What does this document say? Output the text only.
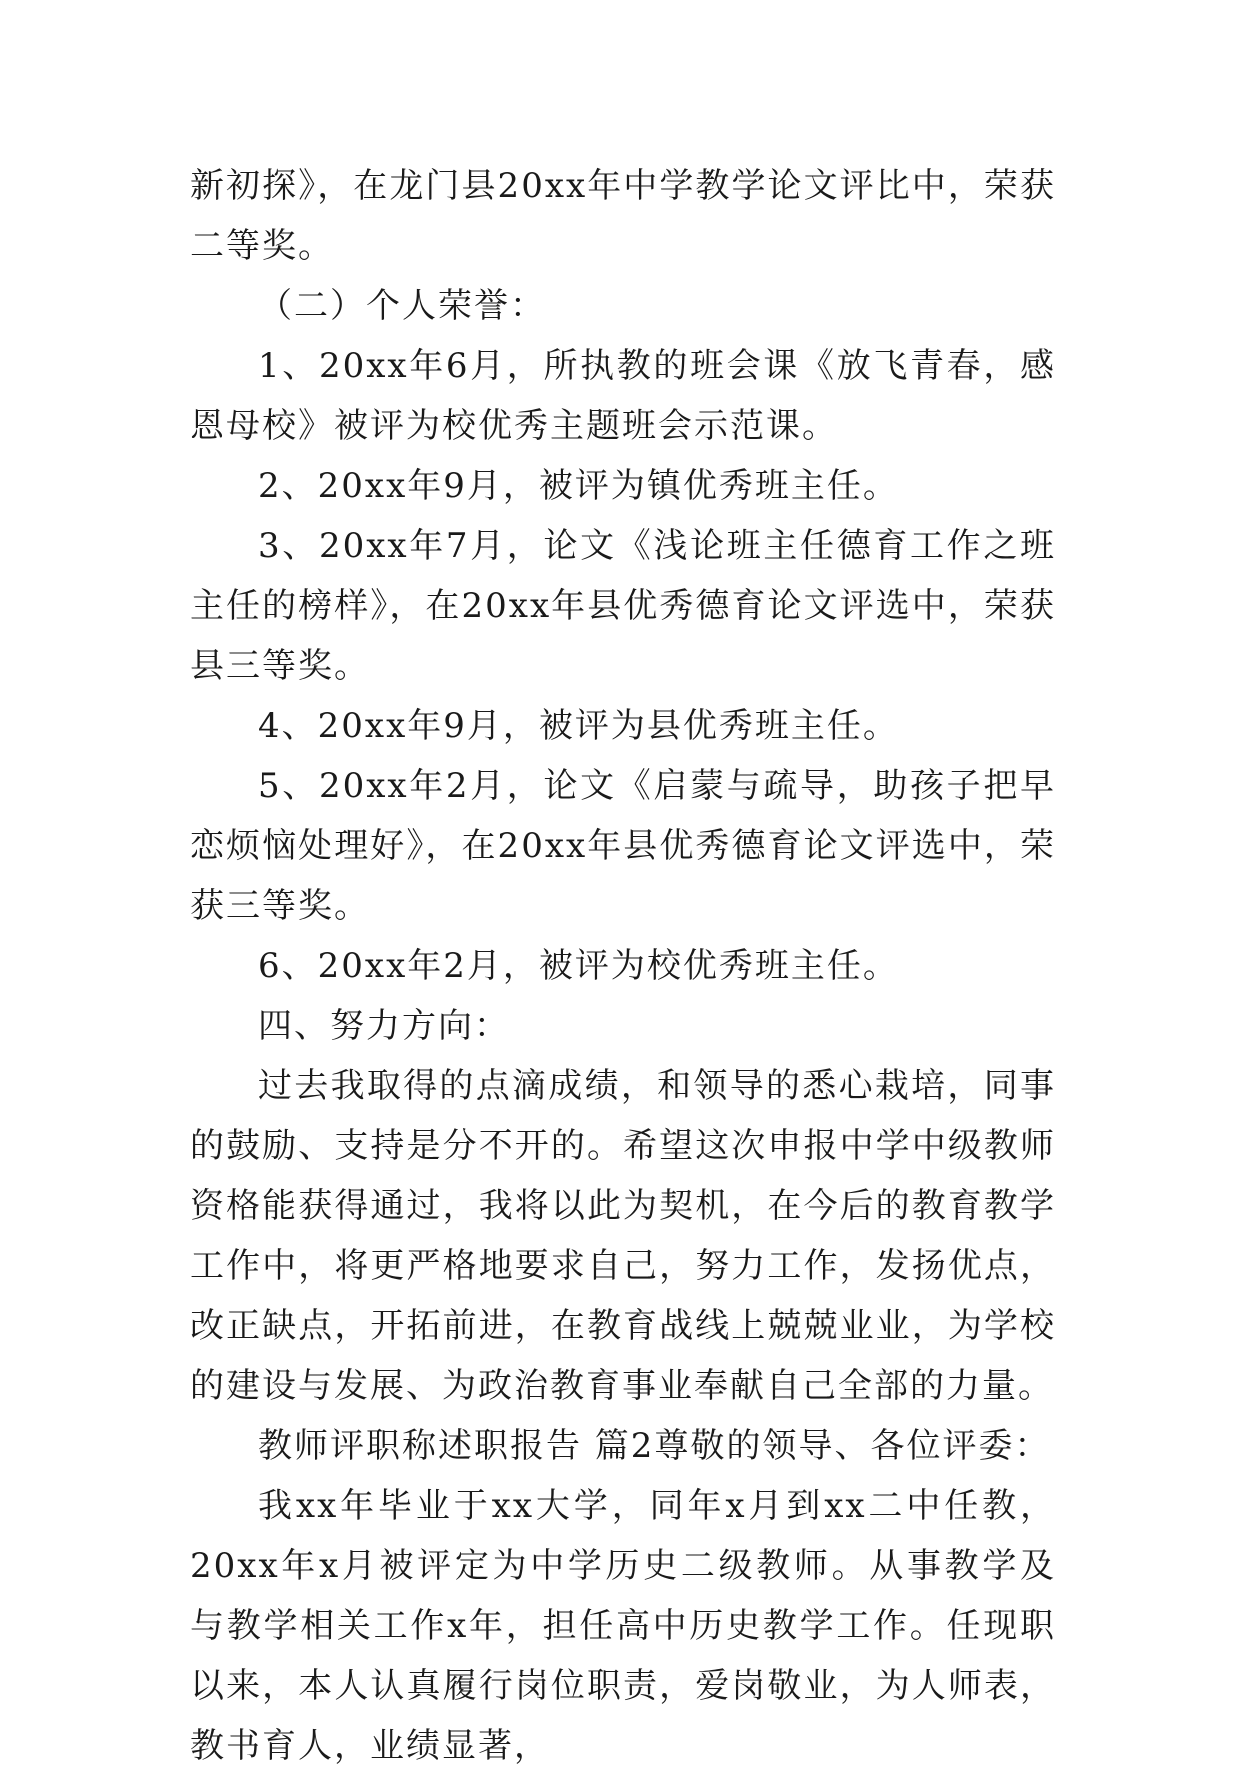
新初探》，在龙门县20xx年中学教学论文评比中，荣获二等奖。

（二）个人荣誉：

1、20xx年6月，所执教的班会课《放飞青春，感恩母校》被评为校优秀主题班会示范课。

2、20xx年9月，被评为镇优秀班主任。

3、20xx年7月，论文《浅论班主任德育工作之班主任的榜样》，在20xx年县优秀德育论文评选中，荣获县三等奖。

4、20xx年9月，被评为县优秀班主任。

5、20xx年2月，论文《启蒙与疏导，助孩子把早恋烦恼处理好》，在20xx年县优秀德育论文评选中，荣获三等奖。

6、20xx年2月，被评为校优秀班主任。

四、努力方向：

过去我取得的点滴成绩，和领导的悉心栽培，同事的鼓励、支持是分不开的。希望这次申报中学中级教师资格能获得通过，我将以此为契机，在今后的教育教学工作中，将更严格地要求自己，努力工作，发扬优点，改正缺点，开拓前进，在教育战线上兢兢业业，为学校的建设与发展、为政治教育事业奉献自己全部的力量。

教师评职称述职报告 篇2尊敬的领导、各位评委：

我xx年毕业于xx大学，同年x月到xx二中任教，20xx年x月被评定为中学历史二级教师。从事教学及与教学相关工作x年，担任高中历史教学工作。任现职以来，本人认真履行岗位职责，爱岗敬业，为人师表，教书育人，业绩显著，
